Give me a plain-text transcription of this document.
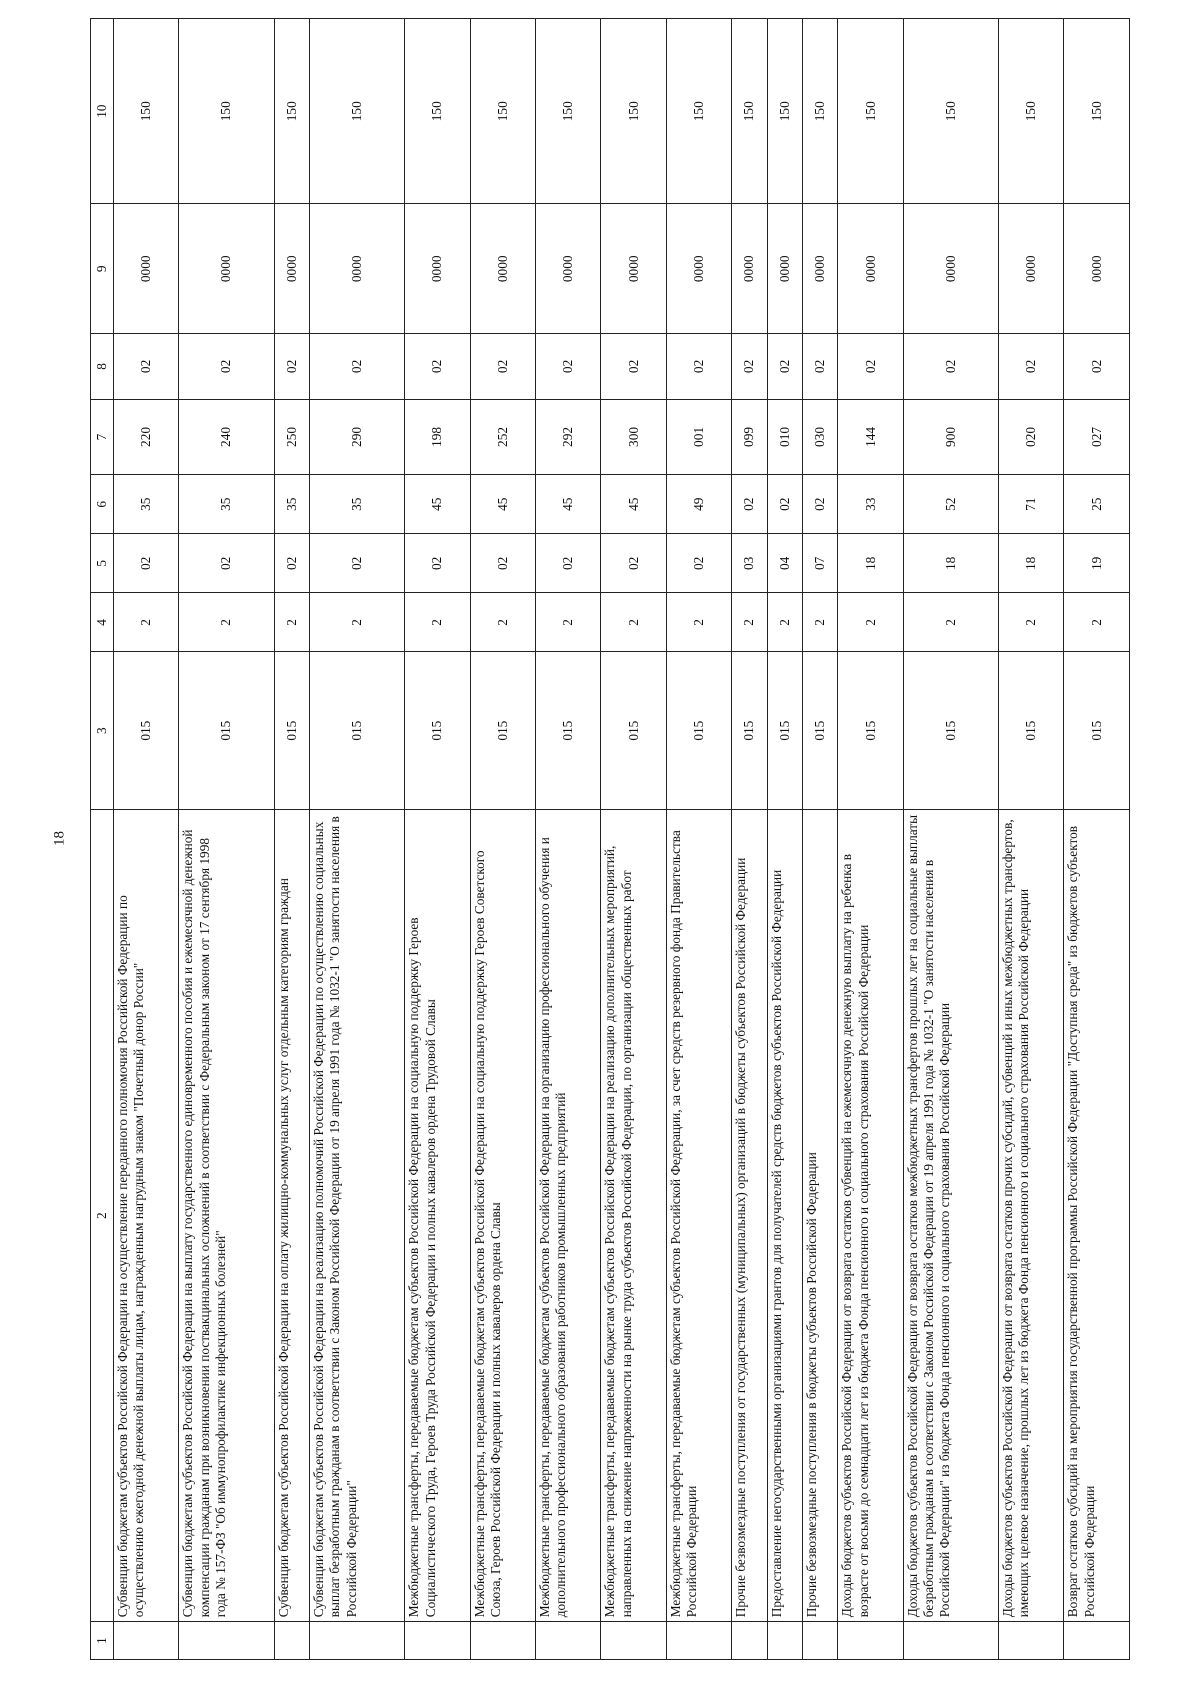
18
1	2	3	4	5	6	7	8	9	10
	Субвенции бюджетам субъектов Российской Федерации на осуществление переданного полномочия Российской Федерации по осуществлению ежегодной денежной выплаты лицам, награжденным нагрудным знаком "Почетный донор России"	015	2	02	35	220	02	0000	150
	Субвенции бюджетам субъектов Российской Федерации на выплату государственного единовременного пособия и ежемесячной денежной компенсации гражданам при возникновении поствакцинальных осложнений в соответствии с Федеральным законом от 17 сентября 1998 года № 157-ФЗ "Об иммунопрофилактике инфекционных болезней"	015	2	02	35	240	02	0000	150
	Субвенции бюджетам субъектов Российской Федерации на оплату жилищно-коммунальных услуг отдельным категориям граждан	015	2	02	35	250	02	0000	150
	Субвенции бюджетам субъектов Российской Федерации на реализацию полномочий Российской Федерации по осуществлению социальных выплат безработным гражданам в соответствии с Законом Российской Федерации от 19 апреля 1991 года № 1032-1 "О занятости населения в Российской Федерации"	015	2	02	35	290	02	0000	150
	Межбюджетные трансферты, передаваемые бюджетам субъектов Российской Федерации на социальную поддержку Героев Социалистического Труда, Героев Труда Российской Федерации и полных кавалеров ордена Трудовой Славы	015	2	02	45	198	02	0000	150
	Межбюджетные трансферты, передаваемые бюджетам субъектов Российской Федерации на социальную поддержку Героев Советского Союза, Героев Российской Федерации и полных кавалеров ордена Славы	015	2	02	45	252	02	0000	150
	Межбюджетные трансферты, передаваемые бюджетам субъектов Российской Федерации на организацию профессионального обучения и дополнительного профессионального образования работников промышленных предприятий	015	2	02	45	292	02	0000	150
	Межбюджетные трансферты, передаваемые бюджетам субъектов Российской Федерации на реализацию дополнительных мероприятий, направленных на снижение напряженности на рынке труда субъектов Российской Федерации, по организации общественных работ	015	2	02	45	300	02	0000	150
	Межбюджетные трансферты, передаваемые бюджетам субъектов Российской Федерации, за счет средств резервного фонда Правительства Российской Федерации	015	2	02	49	001	02	0000	150
	Прочие безвозмездные поступления от государственных (муниципальных) организаций в бюджеты субъектов Российской Федерации	015	2	03	02	099	02	0000	150
	Предоставление негосударственными организациями грантов для получателей средств бюджетов субъектов Российской Федерации	015	2	04	02	010	02	0000	150
	Прочие безвозмездные поступления в бюджеты субъектов Российской Федерации	015	2	07	02	030	02	0000	150
	Доходы бюджетов субъектов Российской Федерации от возврата остатков субвенций на ежемесячную денежную выплату на ребенка в возрасте от восьми до семнадцати лет из бюджета Фонда пенсионного и социального страхования Российской Федерации	015	2	18	33	144	02	0000	150
	Доходы бюджетов субъектов Российской Федерации от возврата остатков межбюджетных трансфертов прошлых лет на социальные выплаты безработным гражданам в соответствии с Законом Российской Федерации от 19 апреля 1991 года № 1032-1 "О занятости населения в Российской Федерации" из бюджета Фонда пенсионного и социального страхования Российской Федерации	015	2	18	52	900	02	0000	150
	Доходы бюджетов субъектов Российской Федерации от возврата остатков прочих субсидий, субвенций и иных межбюджетных трансфертов, имеющих целевое назначение, прошлых лет из бюджета Фонда пенсионного и социального страхования Российской Федерации	015	2	18	71	020	02	0000	150
	Возврат остатков субсидий на мероприятия государственной программы Российской Федерации "Доступная среда" из бюджетов субъектов Российской Федерации	015	2	19	25	027	02	0000	150
